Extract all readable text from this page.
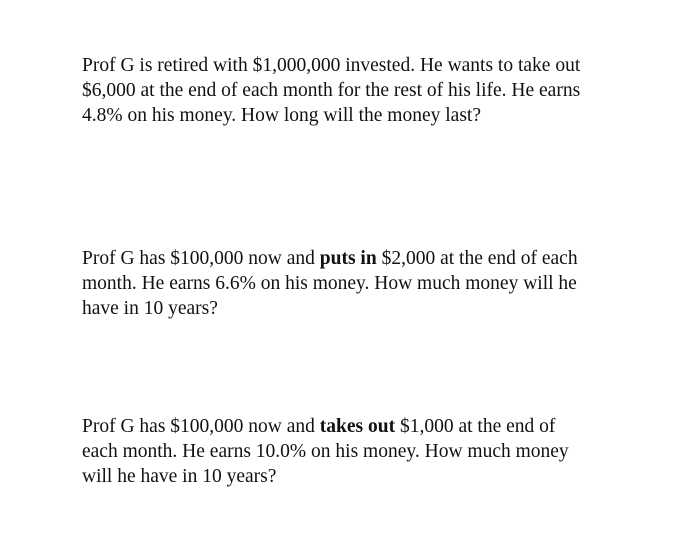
Prof G is retired with $1,000,000 invested. He wants to take out
$6,000 at the end of each month for the rest of his life. He earns
4.8% on his money. How long will the money last?

Prof G has $100,000 now and puts in $2,000 at the end of each
month. He earns 6.6% on his money. How much money will he
have in 10 years?

Prof G has $100,000 now and takes out $1,000 at the end of
each month. He earns 10.0% on his money. How much money
will he have in 10 years?
